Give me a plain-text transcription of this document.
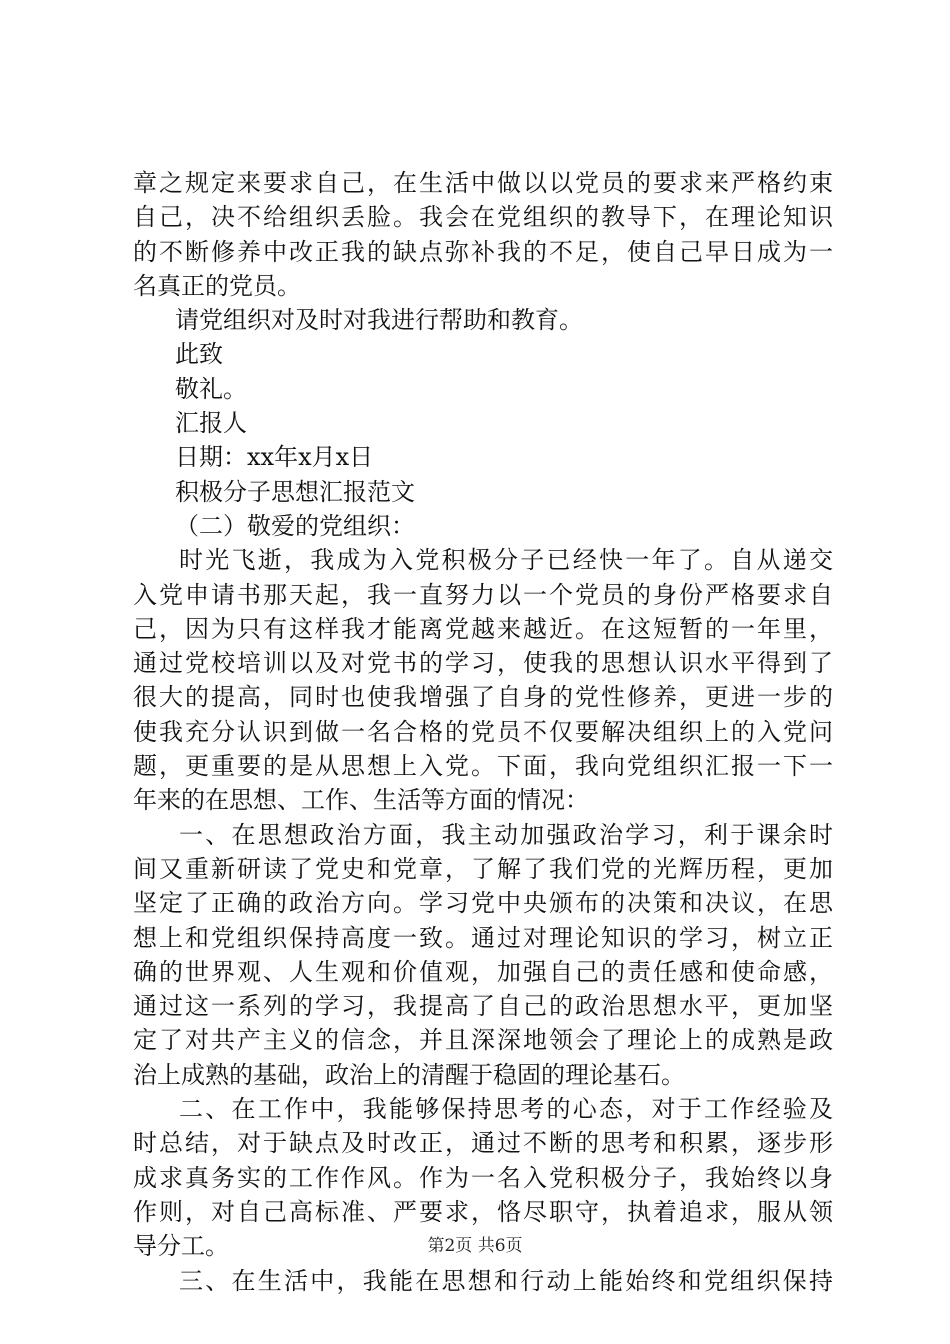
章之规定来要求自己，在生活中做以以党员的要求来严格约束
自己，决不给组织丢脸。我会在党组织的教导下，在理论知识
的不断修养中改正我的缺点弥补我的不足，使自己早日成为一
名真正的党员。
请党组织对及时对我进行帮助和教育。
此致
敬礼。
汇报人
日期：xx年x月x日
积极分子思想汇报范文
（二）敬爱的党组织：
时光飞逝，我成为入党积极分子已经快一年了。自从递交
入党申请书那天起，我一直努力以一个党员的身份严格要求自
己，因为只有这样我才能离党越来越近。在这短暂的一年里，
通过党校培训以及对党书的学习，使我的思想认识水平得到了
很大的提高，同时也使我增强了自身的党性修养，更进一步的
使我充分认识到做一名合格的党员不仅要解决组织上的入党问
题，更重要的是从思想上入党。下面，我向党组织汇报一下一
年来的在思想、工作、生活等方面的情况：
一、在思想政治方面，我主动加强政治学习，利于课余时
间又重新研读了党史和党章，了解了我们党的光辉历程，更加
坚定了正确的政治方向。学习党中央颁布的决策和决议，在思
想上和党组织保持高度一致。通过对理论知识的学习，树立正
确的世界观、人生观和价值观，加强自己的责任感和使命感，
通过这一系列的学习，我提高了自己的政治思想水平，更加坚
定了对共产主义的信念，并且深深地领会了理论上的成熟是政
治上成熟的基础，政治上的清醒于稳固的理论基石。
二、在工作中，我能够保持思考的心态，对于工作经验及
时总结，对于缺点及时改正，通过不断的思考和积累，逐步形
成求真务实的工作作风。作为一名入党积极分子，我始终以身
作则，对自己高标准、严要求，恪尽职守，执着追求，服从领
导分工。
三、在生活中，我能在思想和行动上能始终和党组织保持
第2页 共6页
